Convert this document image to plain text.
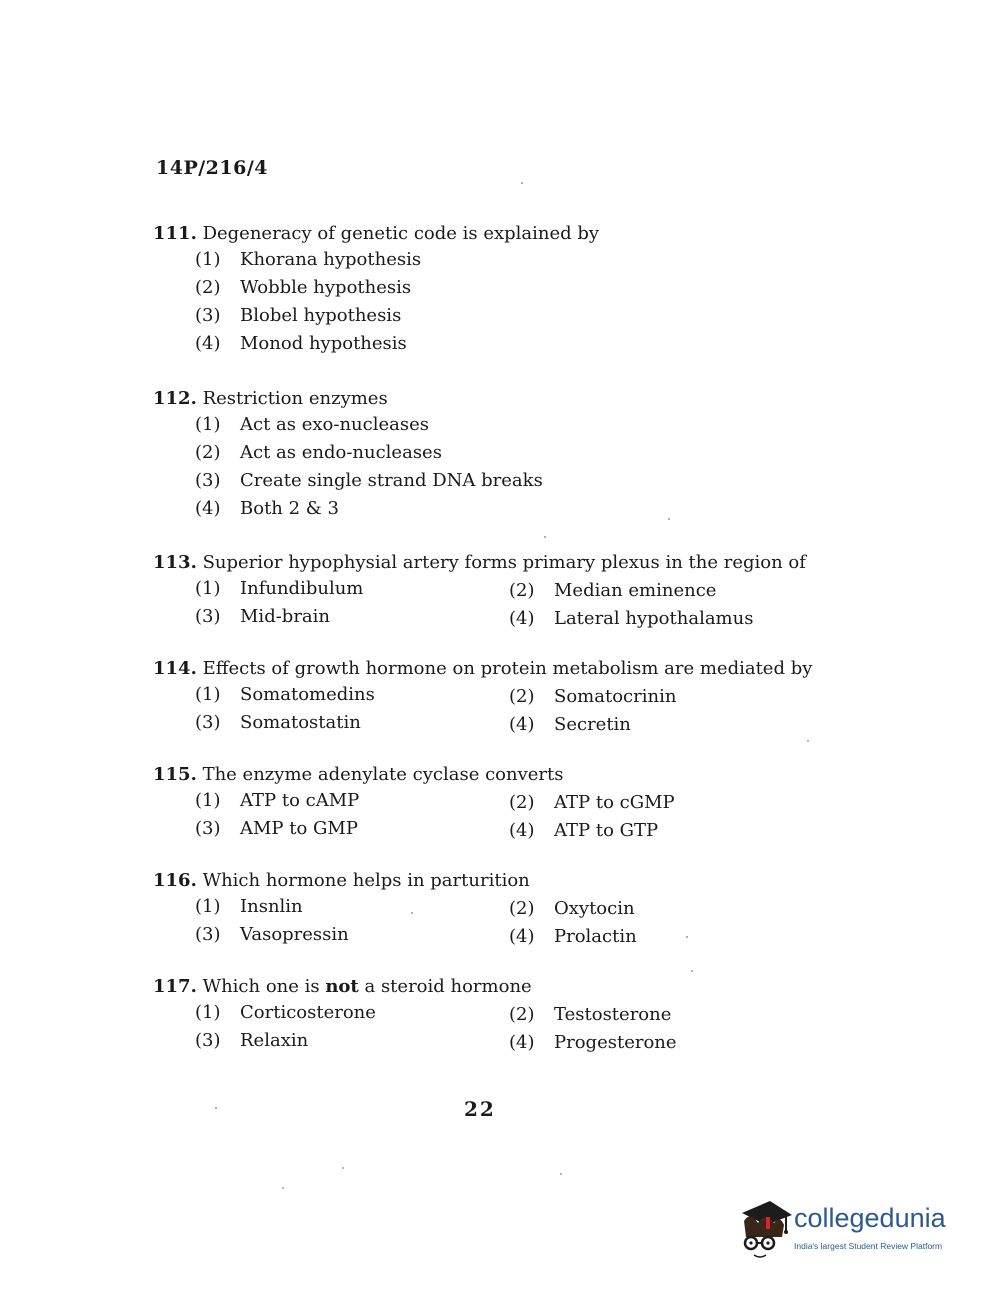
14P/216/4
111. Degeneracy of genetic code is explained by
(1) Khorana hypothesis
(2) Wobble hypothesis
(3) Blobel hypothesis
(4) Monod hypothesis
112. Restriction enzymes
(1) Act as exo-nucleases
(2) Act as endo-nucleases
(3) Create single strand DNA breaks
(4) Both 2 & 3
113. Superior hypophysial artery forms primary plexus in the region of
(1) Infundibulum	(2) Median eminence
(3) Mid-brain	(4) Lateral hypothalamus
114. Effects of growth hormone on protein metabolism are mediated by
(1) Somatomedins	(2) Somatocrinin
(3) Somatostatin	(4) Secretin
115. The enzyme adenylate cyclase converts
(1) ATP to cAMP	(2) ATP to cGMP
(3) AMP to GMP	(4) ATP to GTP
116. Which hormone helps in parturition
(1) Insnlin	(2) Oxytocin
(3) Vasopressin	(4) Prolactin
117. Which one is not a steroid hormone
(1) Corticosterone	(2) Testosterone
(3) Relaxin	(4) Progesterone
22
collegedunia
India's largest Student Review Platform
